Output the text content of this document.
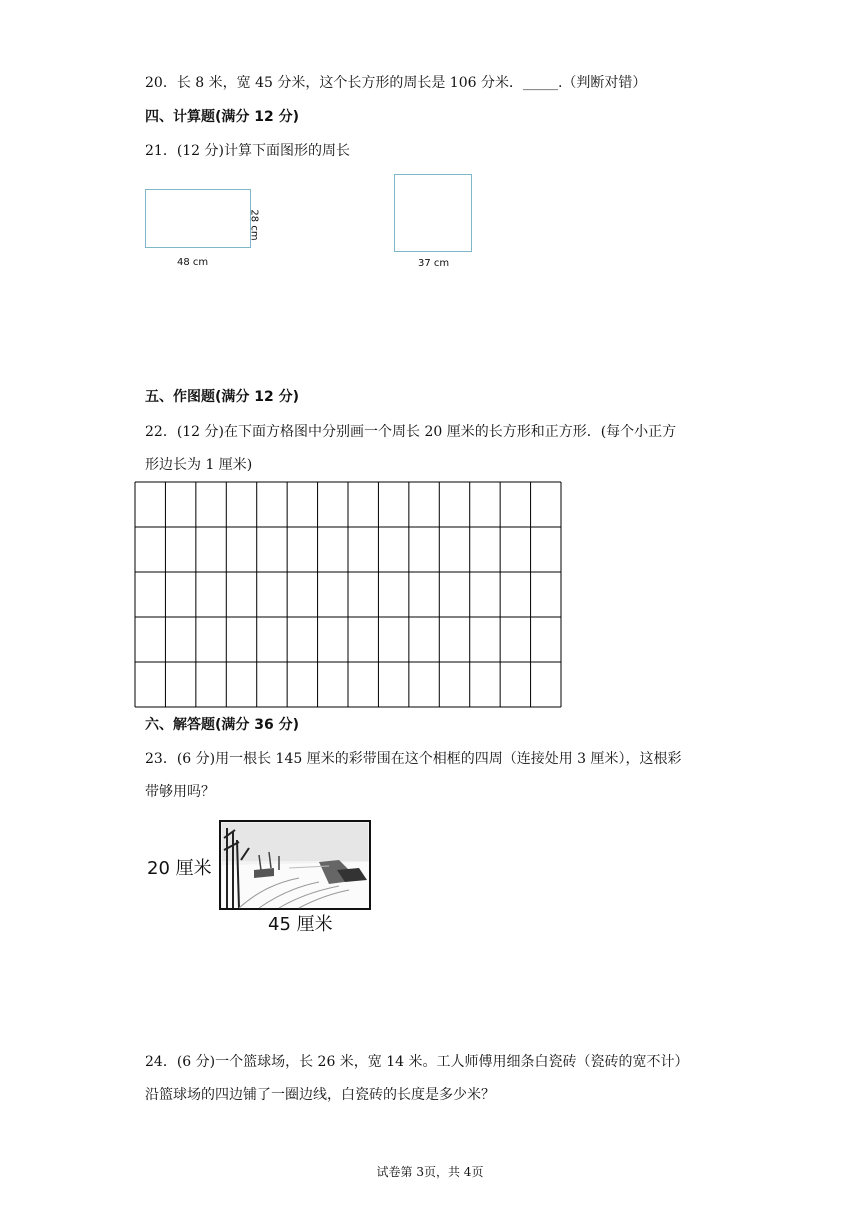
20．长 8 米，宽 45 分米，这个长方形的周长是 106 分米．_____.（判断对错）
四、计算题(满分 12 分)
21．(12 分)计算下面图形的周长
48 cm
28 cm
37 cm
五、作图题(满分 12 分)
22．(12 分)在下面方格图中分别画一个周长 20 厘米的长方形和正方形．(每个小正方
形边长为 1 厘米)
六、解答题(满分 36 分)
23．(6 分)用一根长 145 厘米的彩带围在这个相框的四周（连接处用 3 厘米），这根彩
带够用吗？
20 厘米
45 厘米
24．(6 分)一个篮球场，长 26 米，宽 14 米。工人师傅用细条白瓷砖（瓷砖的宽不计）
沿篮球场的四边铺了一圈边线，白瓷砖的长度是多少米？
试卷第 3页，共 4页
